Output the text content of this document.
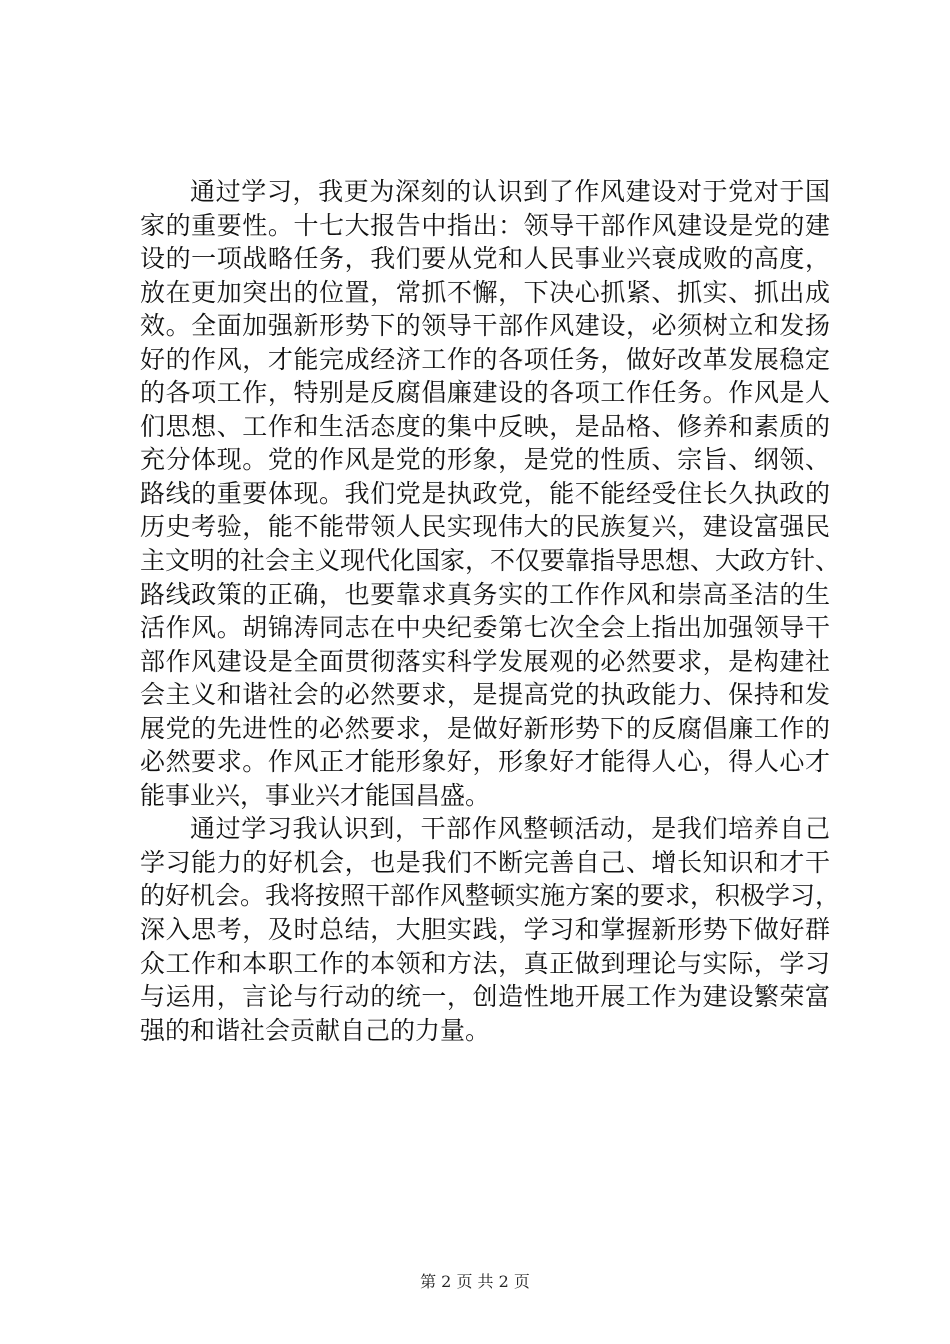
通过学习，我更为深刻的认识到了作风建设对于党对于国
家的重要性。十七大报告中指出：领导干部作风建设是党的建
设的一项战略任务，我们要从党和人民事业兴衰成败的高度，
放在更加突出的位置，常抓不懈，下决心抓紧、抓实、抓出成
效。全面加强新形势下的领导干部作风建设，必须树立和发扬
好的作风，才能完成经济工作的各项任务，做好改革发展稳定
的各项工作，特别是反腐倡廉建设的各项工作任务。作风是人
们思想、工作和生活态度的集中反映，是品格、修养和素质的
充分体现。党的作风是党的形象，是党的性质、宗旨、纲领、
路线的重要体现。我们党是执政党，能不能经受住长久执政的
历史考验，能不能带领人民实现伟大的民族复兴，建设富强民
主文明的社会主义现代化国家，不仅要靠指导思想、大政方针、
路线政策的正确，也要靠求真务实的工作作风和崇高圣洁的生
活作风。胡锦涛同志在中央纪委第七次全会上指出加强领导干
部作风建设是全面贯彻落实科学发展观的必然要求，是构建社
会主义和谐社会的必然要求，是提高党的执政能力、保持和发
展党的先进性的必然要求，是做好新形势下的反腐倡廉工作的
必然要求。作风正才能形象好，形象好才能得人心，得人心才
能事业兴，事业兴才能国昌盛。
通过学习我认识到，干部作风整顿活动，是我们培养自己
学习能力的好机会，也是我们不断完善自己、增长知识和才干
的好机会。我将按照干部作风整顿实施方案的要求，积极学习，
深入思考，及时总结，大胆实践，学习和掌握新形势下做好群
众工作和本职工作的本领和方法，真正做到理论与实际，学习
与运用，言论与行动的统一，创造性地开展工作为建设繁荣富
强的和谐社会贡献自己的力量。
第 2 页 共 2 页
